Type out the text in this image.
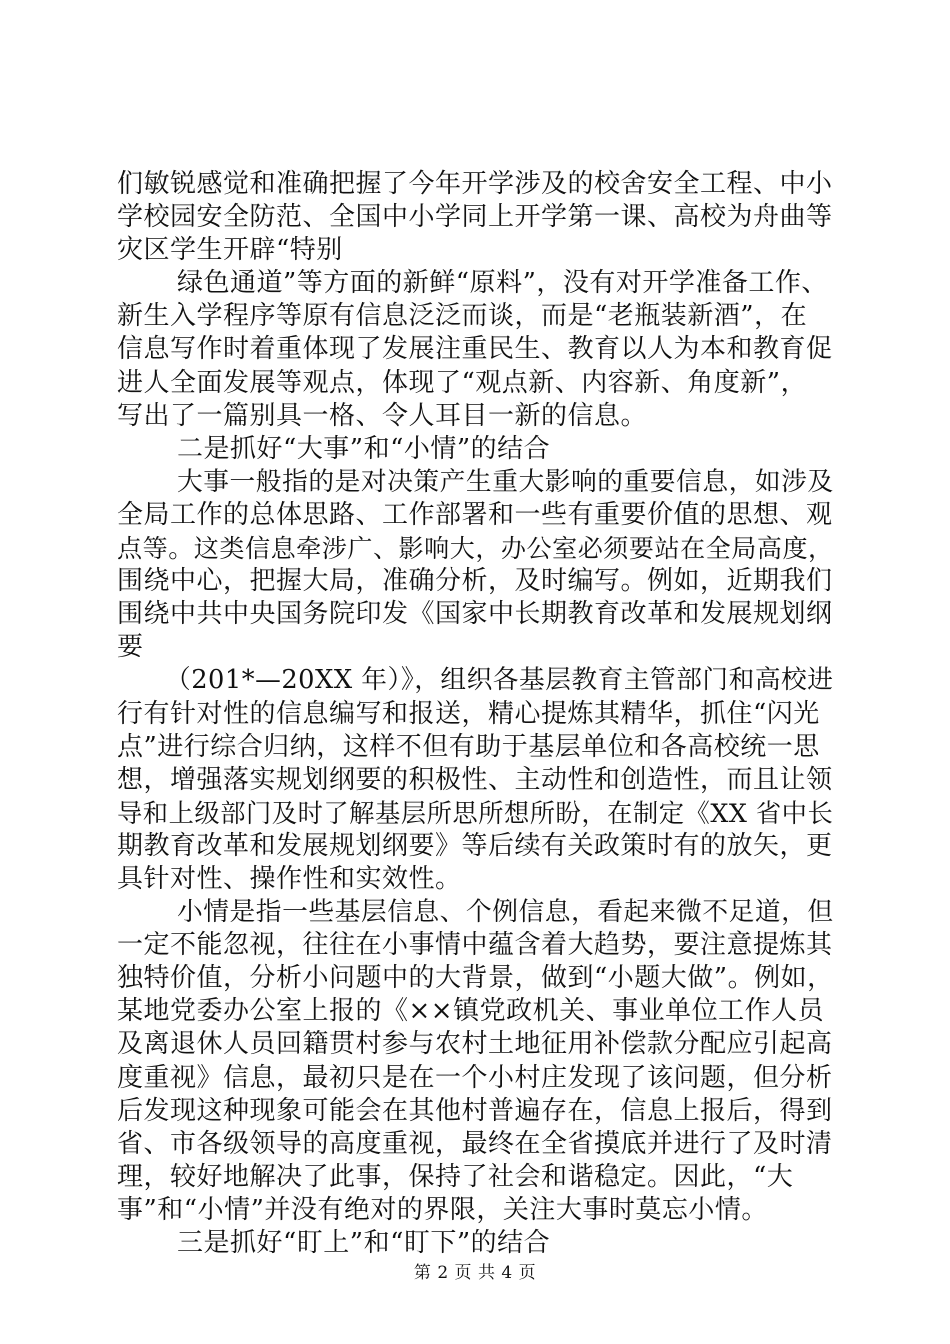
们敏锐感觉和准确把握了今年开学涉及的校舍安全工程、中小
学校园安全防范、全国中小学同上开学第一课、高校为舟曲等
灾区学生开辟“特别
绿色通道”等方面的新鲜“原料”，没有对开学准备工作、
新生入学程序等原有信息泛泛而谈，而是“老瓶装新酒”，在
信息写作时着重体现了发展注重民生、教育以人为本和教育促
进人全面发展等观点，体现了“观点新、内容新、角度新”，
写出了一篇别具一格、令人耳目一新的信息。
二是抓好“大事”和“小情”的结合
大事一般指的是对决策产生重大影响的重要信息，如涉及
全局工作的总体思路、工作部署和一些有重要价值的思想、观
点等。这类信息牵涉广、影响大，办公室必须要站在全局高度，
围绕中心，把握大局，准确分析，及时编写。例如，近期我们
围绕中共中央国务院印发《国家中长期教育改革和发展规划纲
要
（201*—20XX 年）》，组织各基层教育主管部门和高校进
行有针对性的信息编写和报送，精心提炼其精华，抓住“闪光
点”进行综合归纳，这样不但有助于基层单位和各高校统一思
想，增强落实规划纲要的积极性、主动性和创造性，而且让领
导和上级部门及时了解基层所思所想所盼，在制定《XX 省中长
期教育改革和发展规划纲要》等后续有关政策时有的放矢，更
具针对性、操作性和实效性。
小情是指一些基层信息、个例信息，看起来微不足道，但
一定不能忽视，往往在小事情中蕴含着大趋势，要注意提炼其
独特价值，分析小问题中的大背景，做到“小题大做”。例如，
某地党委办公室上报的《××镇党政机关、事业单位工作人员
及离退休人员回籍贯村参与农村土地征用补偿款分配应引起高
度重视》信息，最初只是在一个小村庄发现了该问题，但分析
后发现这种现象可能会在其他村普遍存在，信息上报后，得到
省、市各级领导的高度重视，最终在全省摸底并进行了及时清
理，较好地解决了此事，保持了社会和谐稳定。因此，“大
事”和“小情”并没有绝对的界限，关注大事时莫忘小情。
三是抓好“盯上”和“盯下”的结合
第 2 页 共 4 页
